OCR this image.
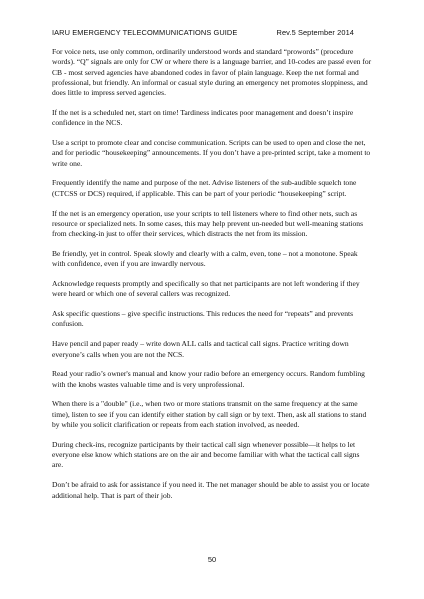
IARU EMERGENCY TELECOMMUNICATIONS GUIDE	Rev.5 September 2014

For voice nets, use only common, ordinarily understood words and standard “prowords” (procedure words). “Q” signals are only for CW or where there is a language barrier, and 10-codes are passé even for CB - most served agencies have abandoned codes in favor of plain language. Keep the net formal and professional, but friendly. An informal or casual style during an emergency net promotes sloppiness, and does little to impress served agencies.

If the net is a scheduled net, start on time! Tardiness indicates poor management and doesn’t inspire confidence in the NCS.

Use a script to promote clear and concise communication. Scripts can be used to open and close the net, and for periodic “housekeeping” announcements. If you don’t have a pre-printed script, take a moment to write one.

Frequently identify the name and purpose of the net. Advise listeners of the sub-audible squelch tone (CTCSS or DCS) required, if applicable. This can be part of your periodic “housekeeping” script.

If the net is an emergency operation, use your scripts to tell listeners where to find other nets, such as resource or specialized nets. In some cases, this may help prevent un-needed but well-meaning stations from checking-in just to offer their services, which distracts the net from its mission.

Be friendly, yet in control. Speak slowly and clearly with a calm, even, tone – not a monotone. Speak with confidence, even if you are inwardly nervous.

Acknowledge requests promptly and specifically so that net participants are not left wondering if they were heard or which one of several callers was recognized.

Ask specific questions – give specific instructions. This reduces the need for “repeats” and prevents confusion.

Have pencil and paper ready – write down ALL calls and tactical call signs. Practice writing down everyone’s calls when you are not the NCS.

Read your radio’s owner's manual and know your radio before an emergency occurs. Random fumbling with the knobs wastes valuable time and is very unprofessional.

When there is a "double" (i.e., when two or more stations transmit on the same frequency at the same time), listen to see if you can identify either station by call sign or by text. Then, ask all stations to stand by while you solicit clarification or repeats from each station involved, as needed.

During check-ins, recognize participants by their tactical call sign whenever possible—it helps to let everyone else know which stations are on the air and become familiar with what the tactical call signs are.

Don’t be afraid to ask for assistance if you need it. The net manager should be able to assist you or locate additional help. That is part of their job.

50
